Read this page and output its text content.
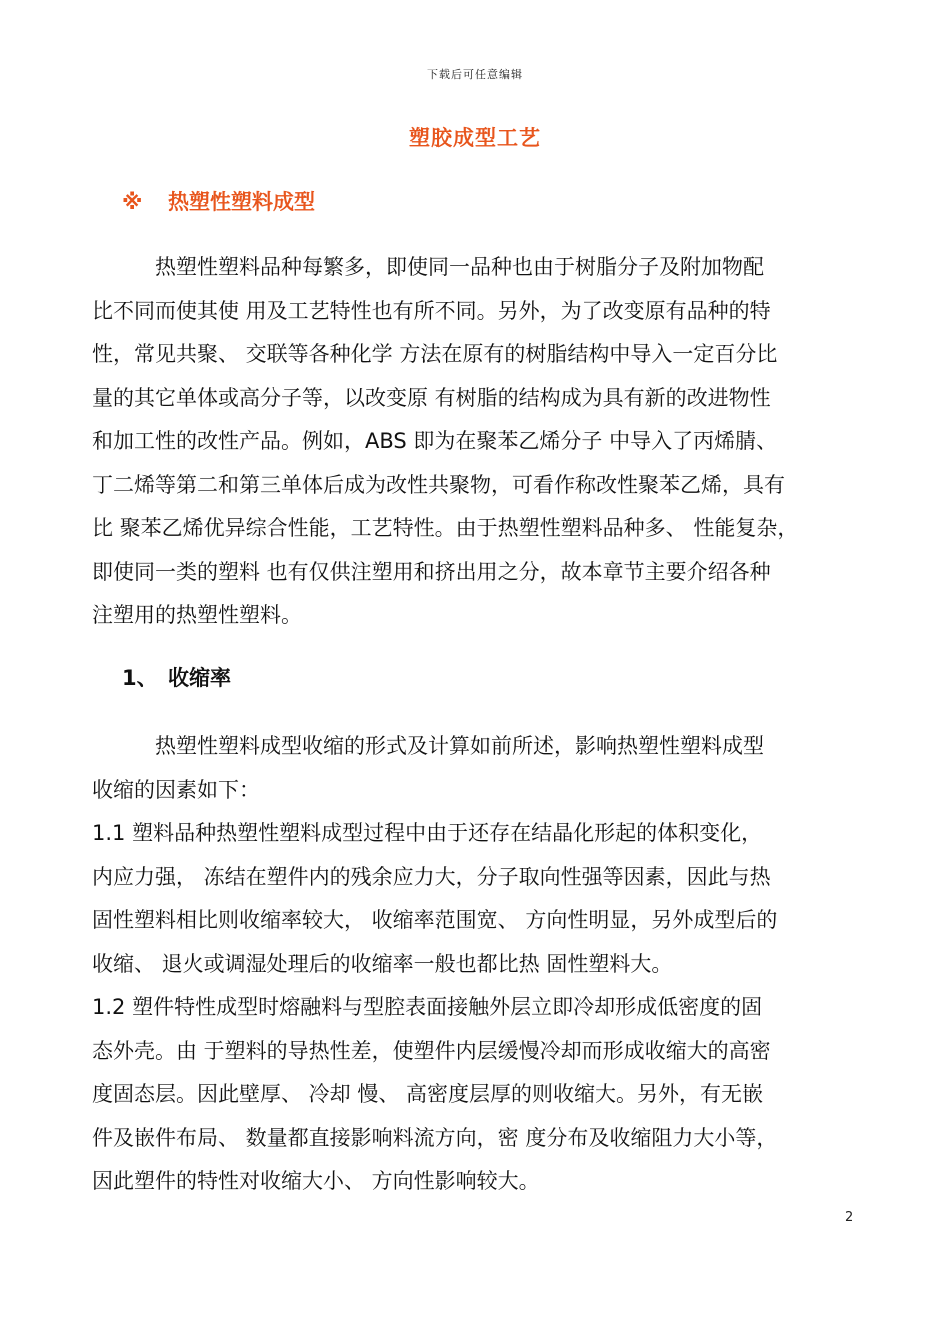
下载后可任意编辑
塑胶成型工艺
※ 热塑性塑料成型

　　　热塑性塑料品种每繁多，即使同一品种也由于树脂分子及附加物配
比不同而使其使 用及工艺特性也有所不同。另外，为了改变原有品种的特
性，常见共聚、 交联等各种化学 方法在原有的树脂结构中导入一定百分比
量的其它单体或高分子等，以改变原 有树脂的结构成为具有新的改进物性
和加工性的改性产品。例如，ABS 即为在聚苯乙烯分子 中导入了丙烯腈、
丁二烯等第二和第三单体后成为改性共聚物，可看作称改性聚苯乙烯，具有
比 聚苯乙烯优异综合性能，工艺特性。由于热塑性塑料品种多、 性能复杂，
即使同一类的塑料 也有仅供注塑用和挤出用之分，故本章节主要介绍各种
注塑用的热塑性塑料。

1、 收缩率

　　　热塑性塑料成型收缩的形式及计算如前所述，影响热塑性塑料成型
收缩的因素如下：

1.1 塑料品种热塑性塑料成型过程中由于还存在结晶化形起的体积变化，
内应力强， 冻结在塑件内的残余应力大，分子取向性强等因素，因此与热
固性塑料相比则收缩率较大， 收缩率范围宽、 方向性明显，另外成型后的
收缩、 退火或调湿处理后的收缩率一般也都比热 固性塑料大。

1.2 塑件特性成型时熔融料与型腔表面接触外层立即冷却形成低密度的固
态外壳。由 于塑料的导热性差，使塑件内层缓慢冷却而形成收缩大的高密
度固态层。因此壁厚、 冷却 慢、 高密度层厚的则收缩大。另外，有无嵌
件及嵌件布局、 数量都直接影响料流方向，密 度分布及收缩阻力大小等，
因此塑件的特性对收缩大小、 方向性影响较大。

2
